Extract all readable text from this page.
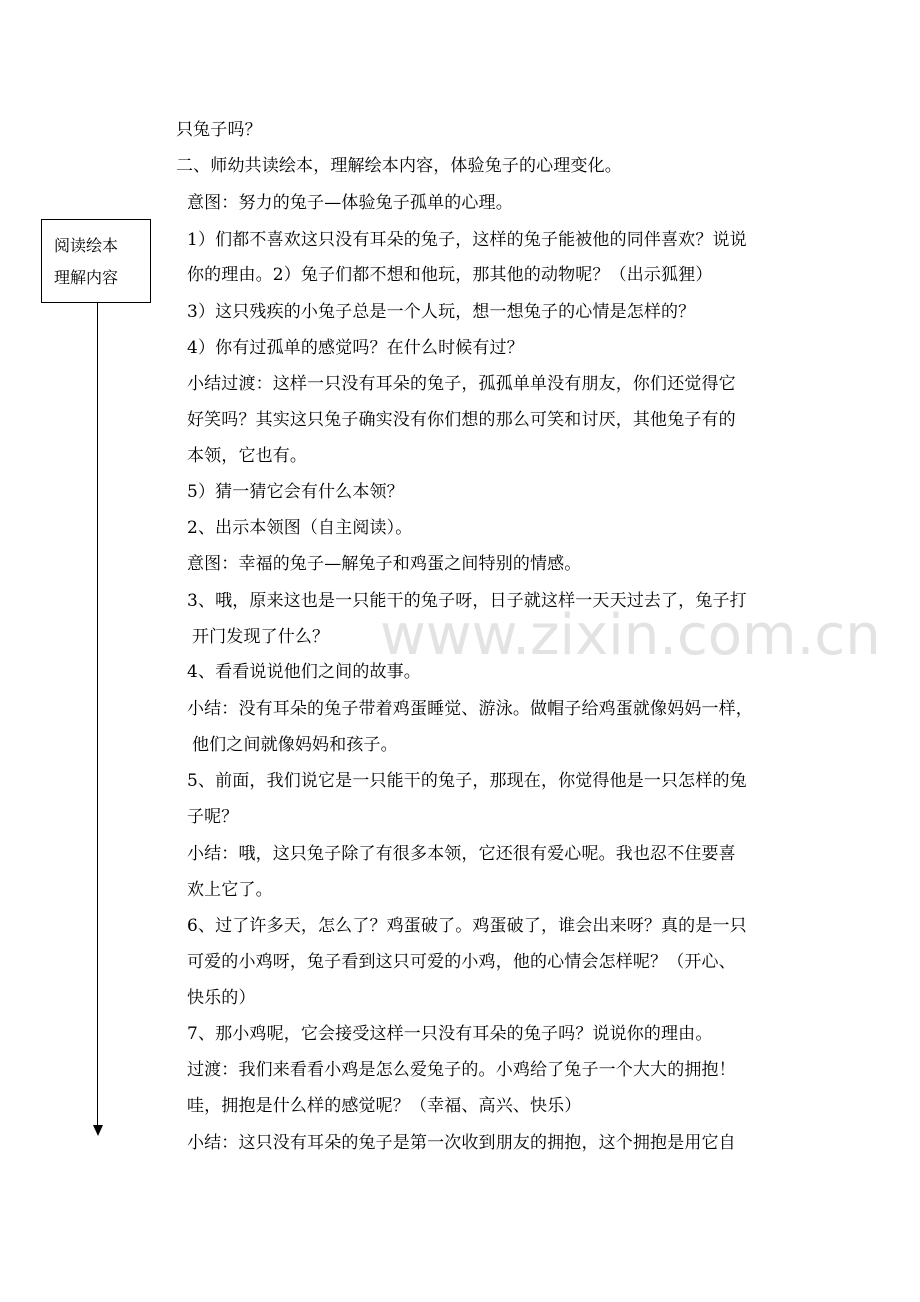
阅读绘本
理解内容
www.zixin.com.cn
只兔子吗？
二、师幼共读绘本，理解绘本内容，体验兔子的心理变化。
意图：努力的兔子—体验兔子孤单的心理。
1）们都不喜欢这只没有耳朵的兔子，这样的兔子能被他的同伴喜欢？说说
你的理由。2）兔子们都不想和他玩，那其他的动物呢？（出示狐狸）
3）这只残疾的小兔子总是一个人玩，想一想兔子的心情是怎样的？
4）你有过孤单的感觉吗？在什么时候有过？
小结过渡：这样一只没有耳朵的兔子，孤孤单单没有朋友，你们还觉得它
好笑吗？其实这只兔子确实没有你们想的那么可笑和讨厌，其他兔子有的
本领，它也有。
5）猜一猜它会有什么本领？
2、出示本领图（自主阅读）。
意图：幸福的兔子—解兔子和鸡蛋之间特别的情感。
3、哦，原来这也是一只能干的兔子呀，日子就这样一天天过去了，兔子打
开门发现了什么？
4、看看说说他们之间的故事。
小结：没有耳朵的兔子带着鸡蛋睡觉、游泳。做帽子给鸡蛋就像妈妈一样，
他们之间就像妈妈和孩子。
5、前面，我们说它是一只能干的兔子，那现在，你觉得他是一只怎样的兔
子呢？
小结：哦，这只兔子除了有很多本领，它还很有爱心呢。我也忍不住要喜
欢上它了。
6、过了许多天，怎么了？鸡蛋破了。鸡蛋破了，谁会出来呀？真的是一只
可爱的小鸡呀，兔子看到这只可爱的小鸡，他的心情会怎样呢？（开心、
快乐的）
7、那小鸡呢，它会接受这样一只没有耳朵的兔子吗？说说你的理由。
过渡：我们来看看小鸡是怎么爱兔子的。小鸡给了兔子一个大大的拥抱！
哇，拥抱是什么样的感觉呢？（幸福、高兴、快乐）
小结：这只没有耳朵的兔子是第一次收到朋友的拥抱，这个拥抱是用它自
